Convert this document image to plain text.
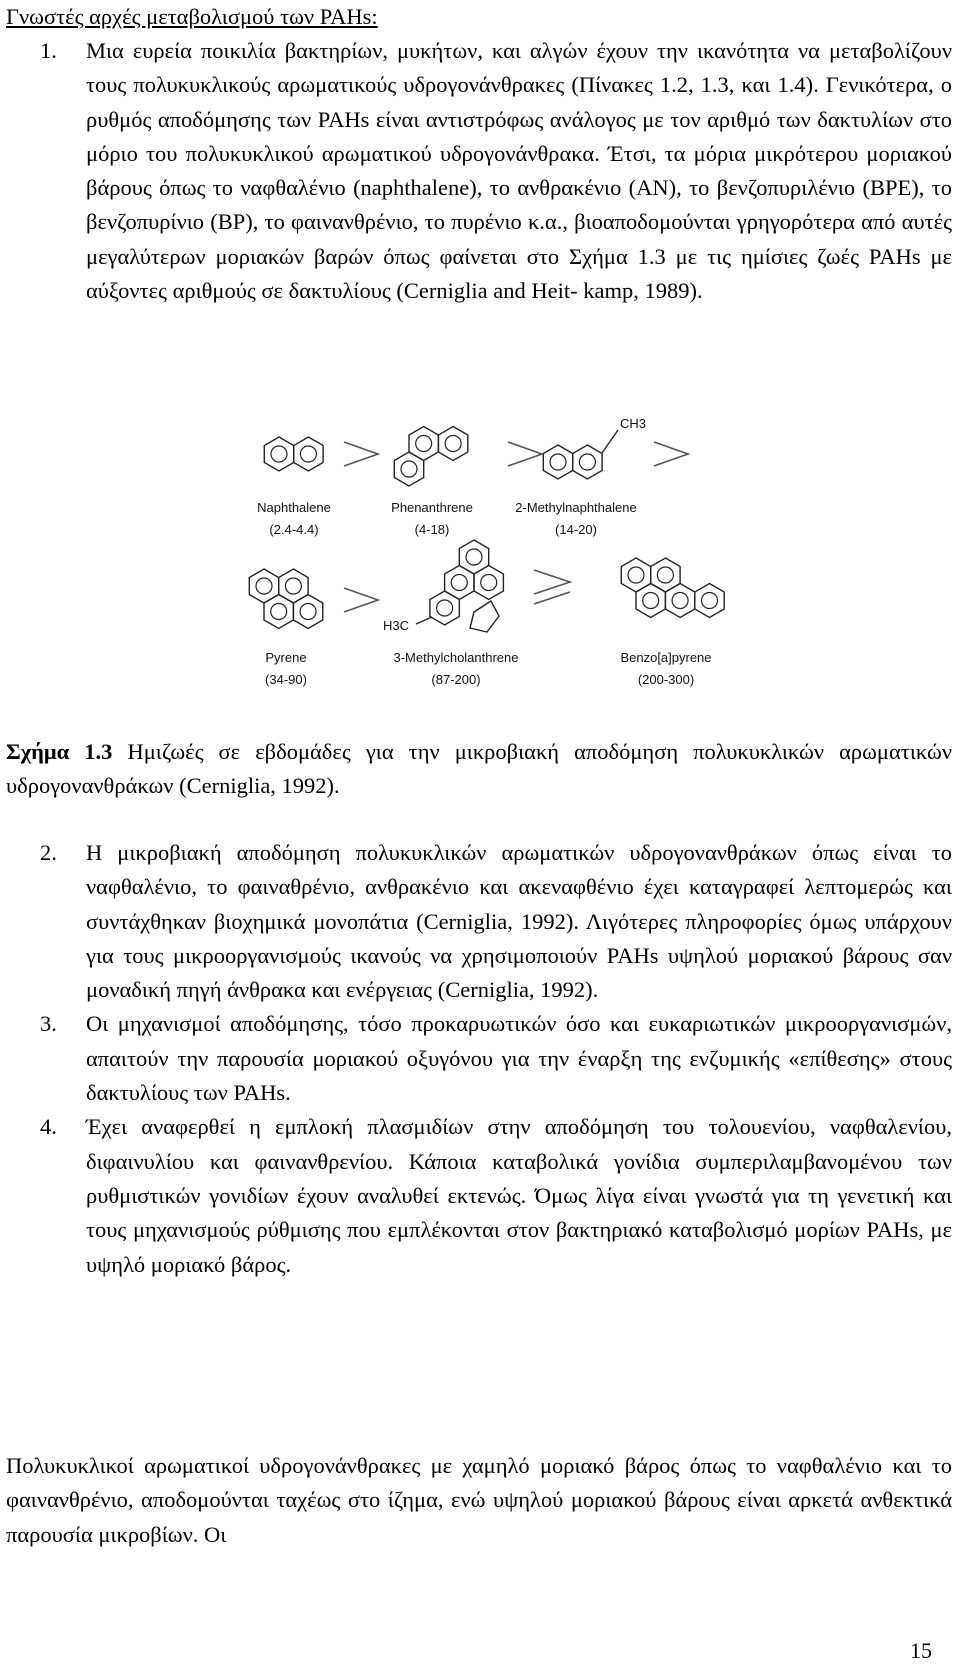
Γνωστές αρχές μεταβολισμού των PAHs:
1. Μια ευρεία ποικιλία βακτηρίων, μυκήτων, και αλγών έχουν την ικανότητα να μεταβολίζουν τους πολυκυκλικούς αρωματικούς υδρογονάνθρακες (Πίνακες 1.2, 1.3, και 1.4). Γενικότερα, ο ρυθμός αποδόμησης των PAHs είναι αντιστρόφως ανάλογος με τον αριθμό των δακτυλίων στο μόριο του πολυκυκλικού αρωματικού υδρογονάνθρακα. Έτσι, τα μόρια μικρότερου μοριακού βάρους όπως το ναφθαλένιο (naphthalene), το ανθρακένιο (AN), το βενζοπυριλένιο (BPE), το βενζοπυρίνιο (BP), το φαινανθρένιο, το πυρένιο κ.α., βιοαποδομούνται γρηγορότερα από αυτές μεγαλύτερων μοριακών βαρών όπως φαίνεται στο Σχήμα 1.3 με τις ημίσιες ζωές PAHs με αύξοντες αριθμούς σε δακτυλίους (Cerniglia and Heit- kamp, 1989).
Naphthalene
(2.4-4.4)
Phenanthrene
(4-18)
CH3
2-Methylnaphthalene
(14-20)
Pyrene
(34-90)
H3C
3-Methylcholanthrene
(87-200)
Benzo[a]pyrene
(200-300)

Σχήμα 1.3 Ημιζωές σε εβδομάδες για την μικροβιακή αποδόμηση πολυκυκλικών αρωματικών υδρογονανθράκων (Cerniglia, 1992).

2. Η μικροβιακή αποδόμηση πολυκυκλικών αρωματικών υδρογονανθράκων όπως είναι το ναφθαλένιο, το φαιναθρένιο, ανθρακένιο και ακεναφθένιο έχει καταγραφεί λεπτομερώς και συντάχθηκαν βιοχημικά μονοπάτια (Cerniglia, 1992). Λιγότερες πληροφορίες όμως υπάρχουν για τους μικροοργανισμούς ικανούς να χρησιμοποιούν PAHs υψηλού μοριακού βάρους σαν μοναδική πηγή άνθρακα και ενέργειας (Cerniglia, 1992).
3. Οι μηχανισμοί αποδόμησης, τόσο προκαρυωτικών όσο και ευκαριωτικών μικροοργανισμών, απαιτούν την παρουσία μοριακού οξυγόνου για την έναρξη της ενζυμικής «επίθεσης» στους δακτυλίους των PAHs.
4. Έχει αναφερθεί η εμπλοκή πλασμιδίων στην αποδόμηση του τολουενίου, ναφθαλενίου, διφαινυλίου και φαινανθρενίου. Κάποια καταβολικά γονίδια συμπεριλαμβανομένου των ρυθμιστικών γονιδίων έχουν αναλυθεί εκτενώς. Όμως λίγα είναι γνωστά για τη γενετική και τους μηχανισμούς ρύθμισης που εμπλέκονται στον βακτηριακό καταβολισμό μορίων PAHs, με υψηλό μοριακό βάρος.

Πολυκυκλικοί αρωματικοί υδρογονάνθρακες με χαμηλό μοριακό βάρος όπως το ναφθαλένιο και το φαινανθρένιο, αποδομούνται ταχέως στο ίζημα, ενώ υψηλού μοριακού βάρους είναι αρκετά ανθεκτικά παρουσία μικροβίων. Οι

15
